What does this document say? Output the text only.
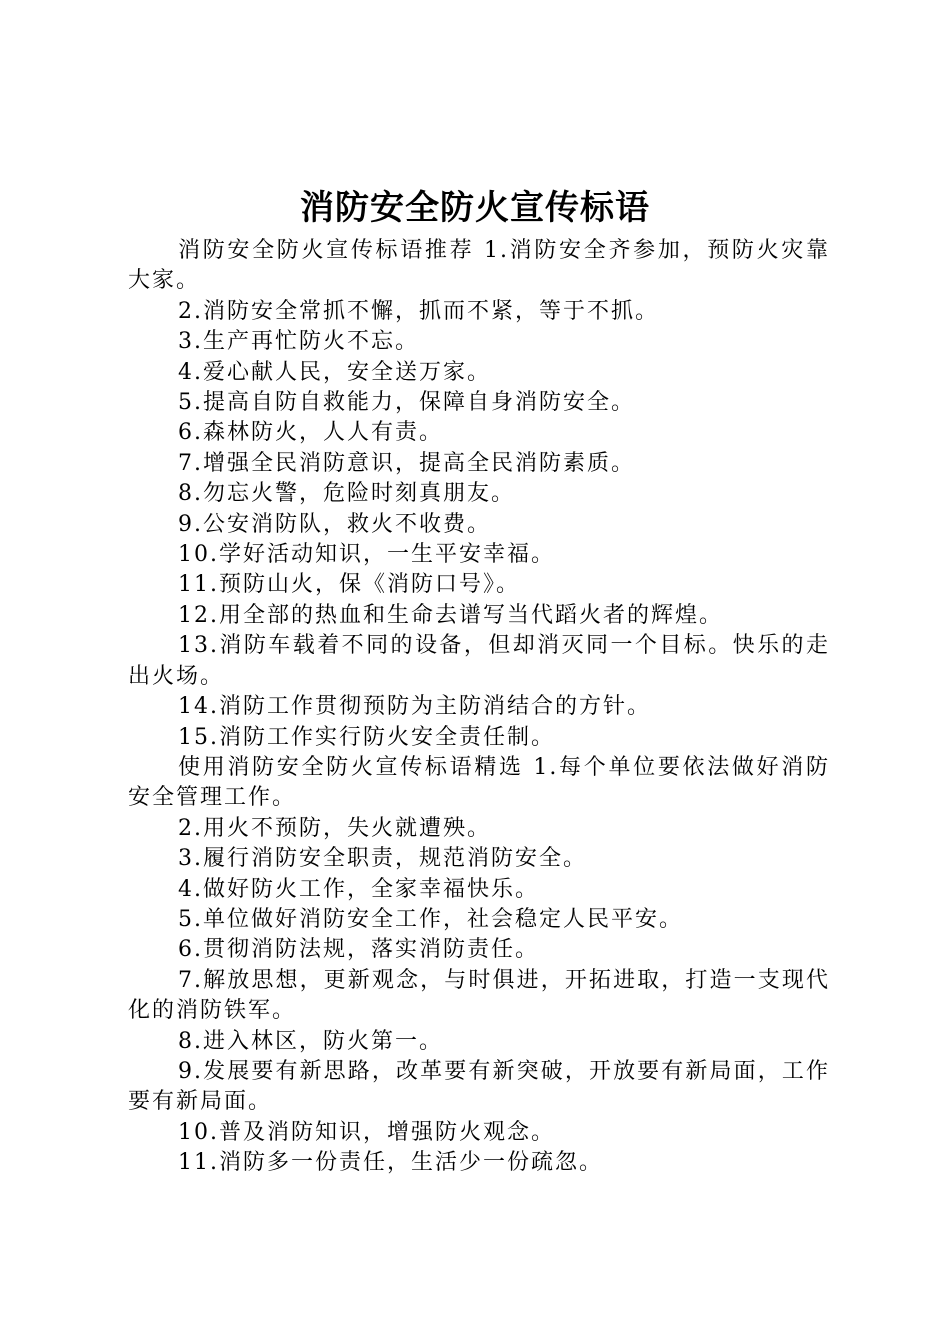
消防安全防火宣传标语

消防安全防火宣传标语推荐 1.消防安全齐参加，预防火灾靠大家。

2.消防安全常抓不懈，抓而不紧，等于不抓。

3.生产再忙防火不忘。

4.爱心献人民，安全送万家。

5.提高自防自救能力，保障自身消防安全。

6.森林防火，人人有责。

7.增强全民消防意识，提高全民消防素质。

8.勿忘火警，危险时刻真朋友。

9.公安消防队，救火不收费。

10.学好活动知识，一生平安幸福。

11.预防山火，保《消防口号》。

12.用全部的热血和生命去谱写当代蹈火者的辉煌。

13.消防车载着不同的设备，但却消灭同一个目标。快乐的走出火场。

14.消防工作贯彻预防为主防消结合的方针。

15.消防工作实行防火安全责任制。

使用消防安全防火宣传标语精选 1.每个单位要依法做好消防安全管理工作。

2.用火不预防，失火就遭殃。

3.履行消防安全职责，规范消防安全。

4.做好防火工作，全家幸福快乐。

5.单位做好消防安全工作，社会稳定人民平安。

6.贯彻消防法规，落实消防责任。

7.解放思想，更新观念，与时俱进，开拓进取，打造一支现代化的消防铁军。

8.进入林区，防火第一。

9.发展要有新思路，改革要有新突破，开放要有新局面，工作要有新局面。

10.普及消防知识，增强防火观念。

11.消防多一份责任，生活少一份疏忽。
